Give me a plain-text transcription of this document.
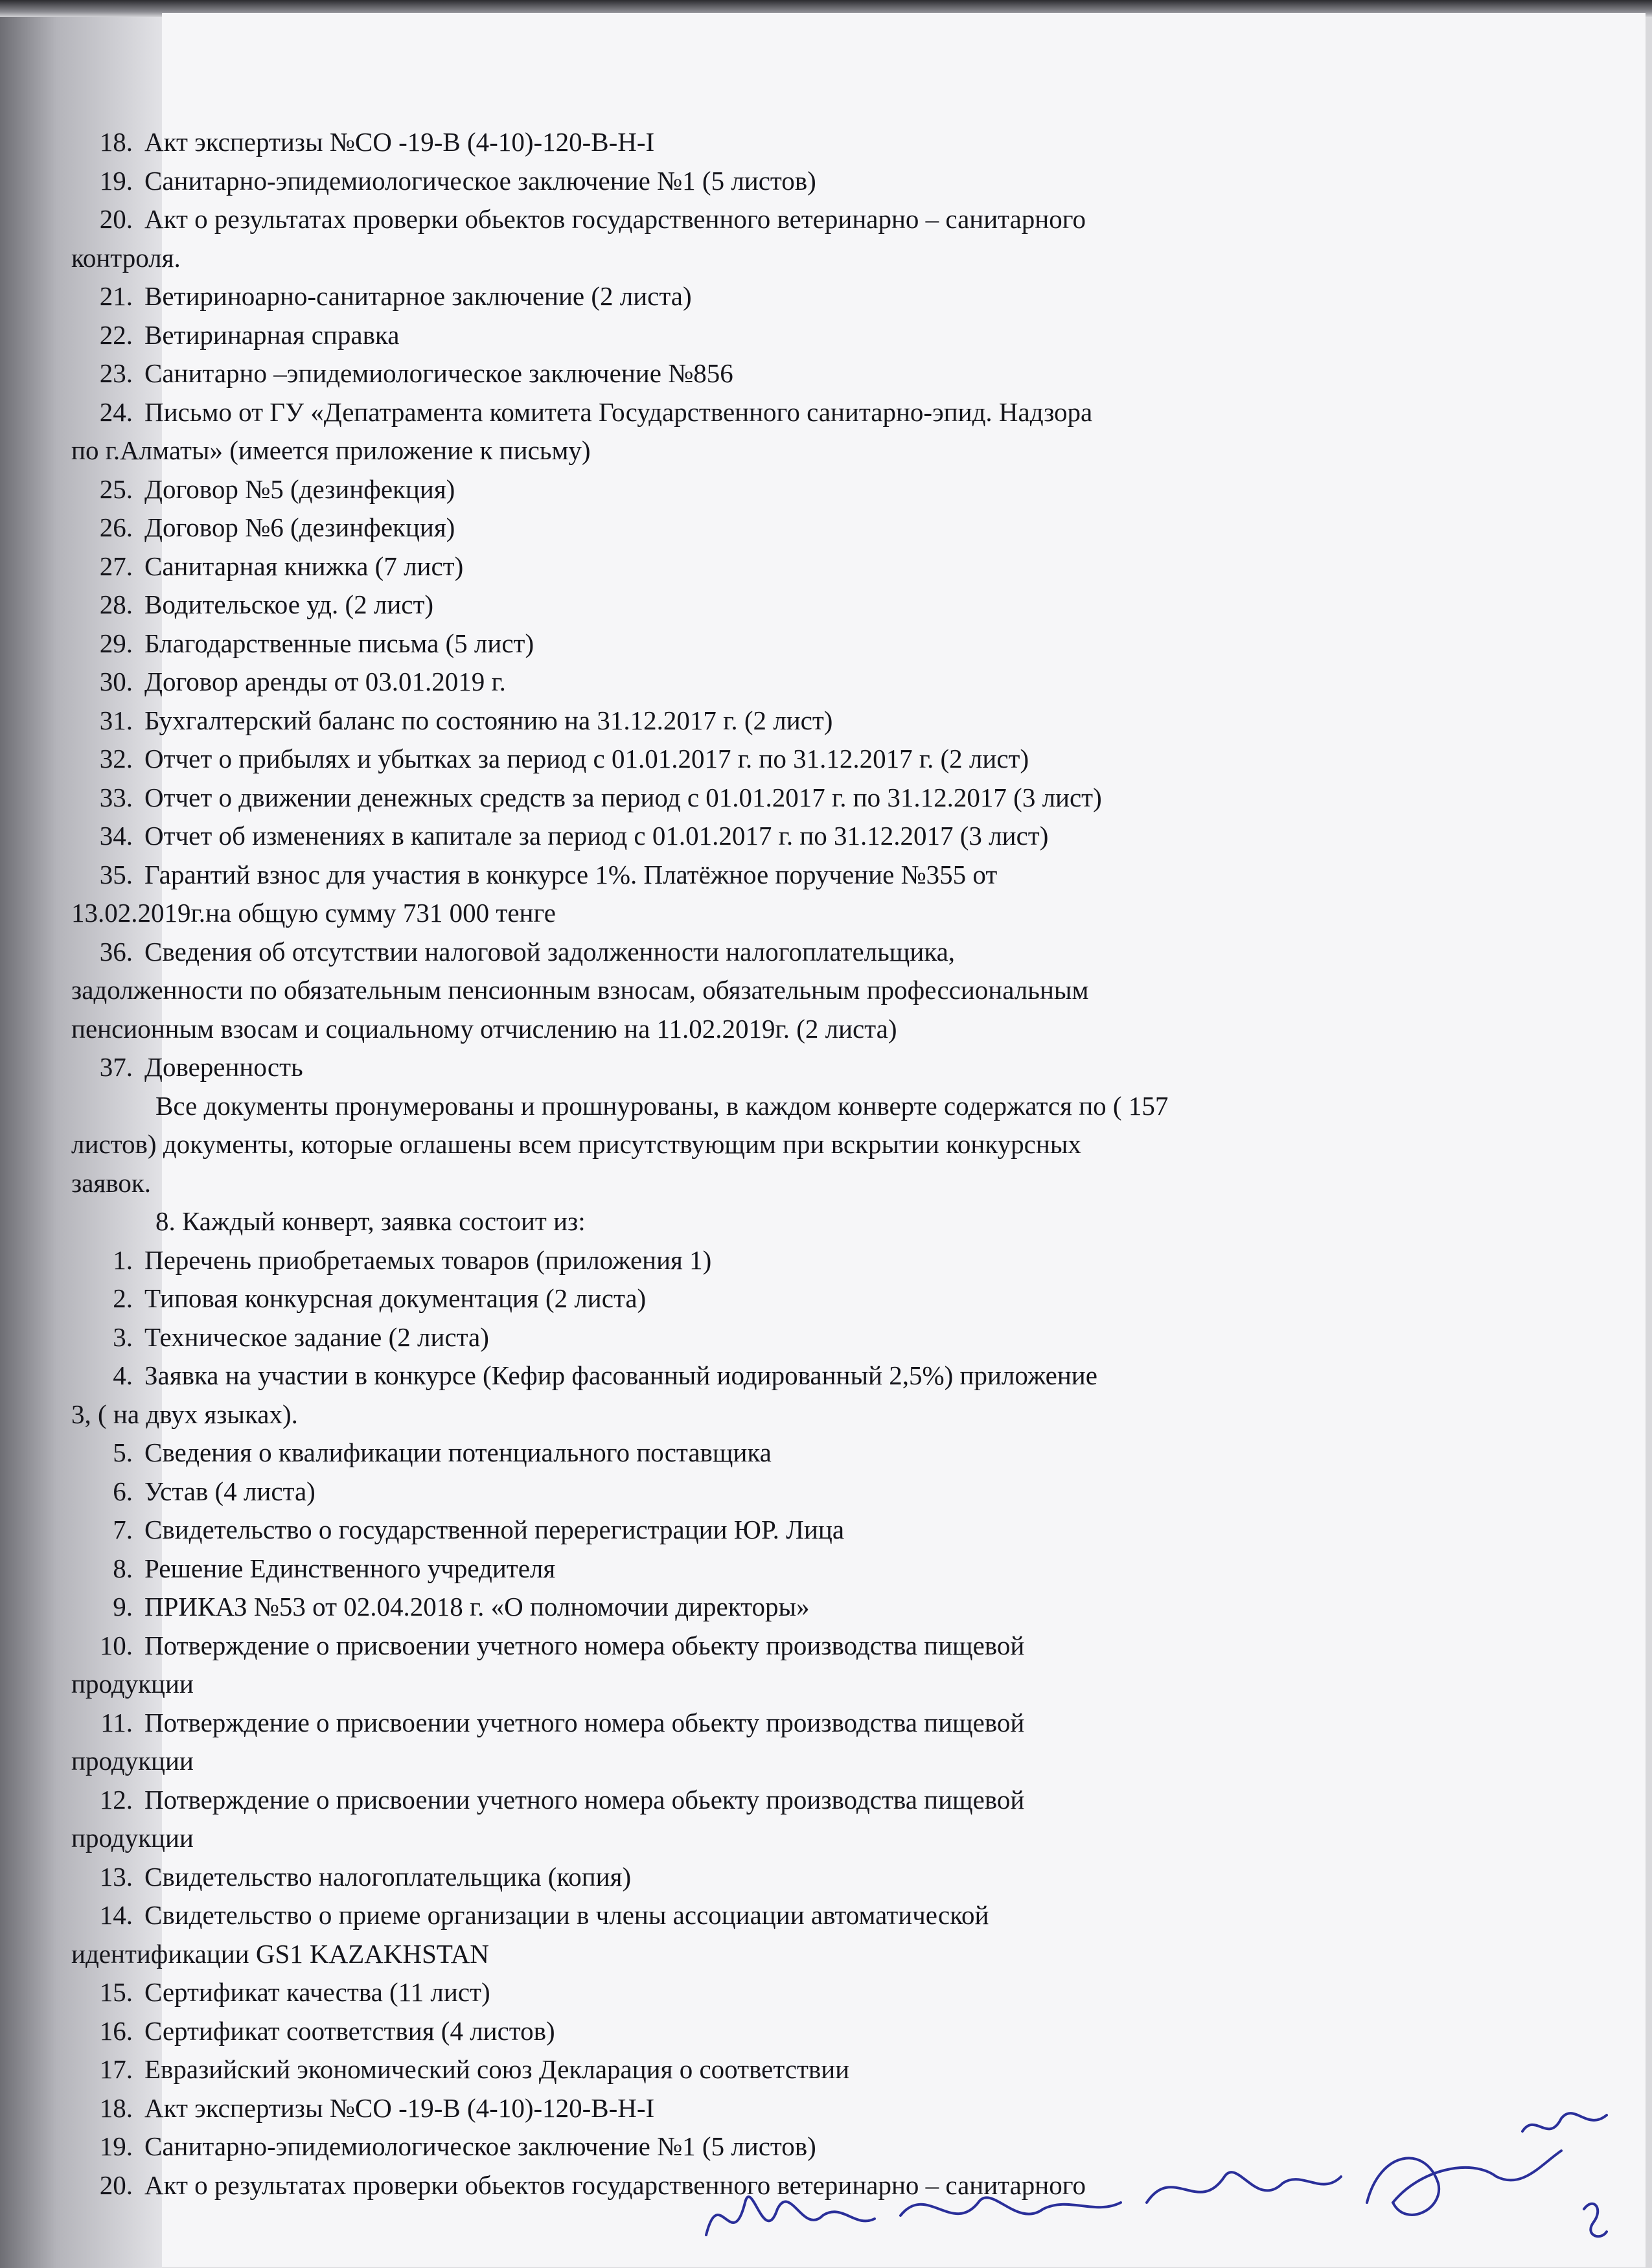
18. Акт экспертизы №СО -19-В (4-10)-120-В-Н-I

19. Санитарно-эпидемиологическое заключение №1 (5 листов)

20. Акт о результатах проверки обьектов государственного ветеринарно – санитарного

контроля.

21. Ветириноарно-санитарное заключение (2 листа)

22. Ветиринарная справка

23. Санитарно –эпидемиологическое заключение №856

24. Письмо от ГУ «Депатрамента комитета Государственного санитарно-эпид. Надзора

по г.Алматы» (имеется приложение к письму)

25. Договор №5 (дезинфекция)

26. Договор №6 (дезинфекция)

27. Санитарная книжка (7 лист)

28. Водительское уд. (2 лист)

29. Благодарственные письма (5 лист)

30. Договор аренды от 03.01.2019 г.

31. Бухгалтерский баланс по состоянию на 31.12.2017 г. (2 лист)

32. Отчет о прибылях и убытках за период с 01.01.2017 г. по 31.12.2017 г. (2 лист)

33. Отчет о движении денежных средств за период с 01.01.2017 г. по 31.12.2017 (3 лист)

34. Отчет об изменениях в капитале за период с 01.01.2017 г. по 31.12.2017 (3 лист)

35. Гарантий взнос для участия в конкурсе 1%. Платёжное поручение №355 от

13.02.2019г.на общую сумму 731 000 тенге

36. Сведения об отсутствии налоговой задолженности налогоплательщика,

задолженности по обязательным пенсионным взносам, обязательным профессиональным

пенсионным взосам и социальному отчислению на 11.02.2019г. (2 листа)

37. Доверенность

Все документы пронумерованы и прошнурованы, в каждом конверте содержатся по ( 157

листов) документы, которые оглашены всем присутствующим при вскрытии конкурсных

заявок.

8. Каждый конверт, заявка состоит из:

1. Перечень приобретаемых товаров (приложения 1)

2. Типовая конкурсная документация (2 листа)

3. Техническое задание (2 листа)

4. Заявка на участии в конкурсе (Кефир фасованный иодированный 2,5%) приложение

3, ( на двух языках).

5. Сведения о квалификации потенциального поставщика

6. Устав (4 листа)

7. Свидетельство о государственной перерегистрации ЮР. Лица

8. Решение Единственного учредителя

9. ПРИКАЗ №53 от 02.04.2018 г. «О полномочии директоры»

10. Потверждение о присвоении учетного номера обьекту производства пищевой

продукции

11. Потверждение о присвоении учетного номера обьекту производства пищевой

продукции

12. Потверждение о присвоении учетного номера обьекту производства пищевой

продукции

13. Свидетельство налогоплательщика (копия)

14. Свидетельство о приеме организации в члены ассоциации автоматической

идентификации GS1 KAZAKHSTAN

15. Сертификат качества (11 лист)

16. Сертификат соответствия (4 листов)

17. Евразийский экономический союз Декларация о соответствии

18. Акт экспертизы №СО -19-В (4-10)-120-В-Н-I

19. Санитарно-эпидемиологическое заключение №1 (5 листов)

20. Акт о результатах проверки обьектов государственного ветеринарно – санитарного
